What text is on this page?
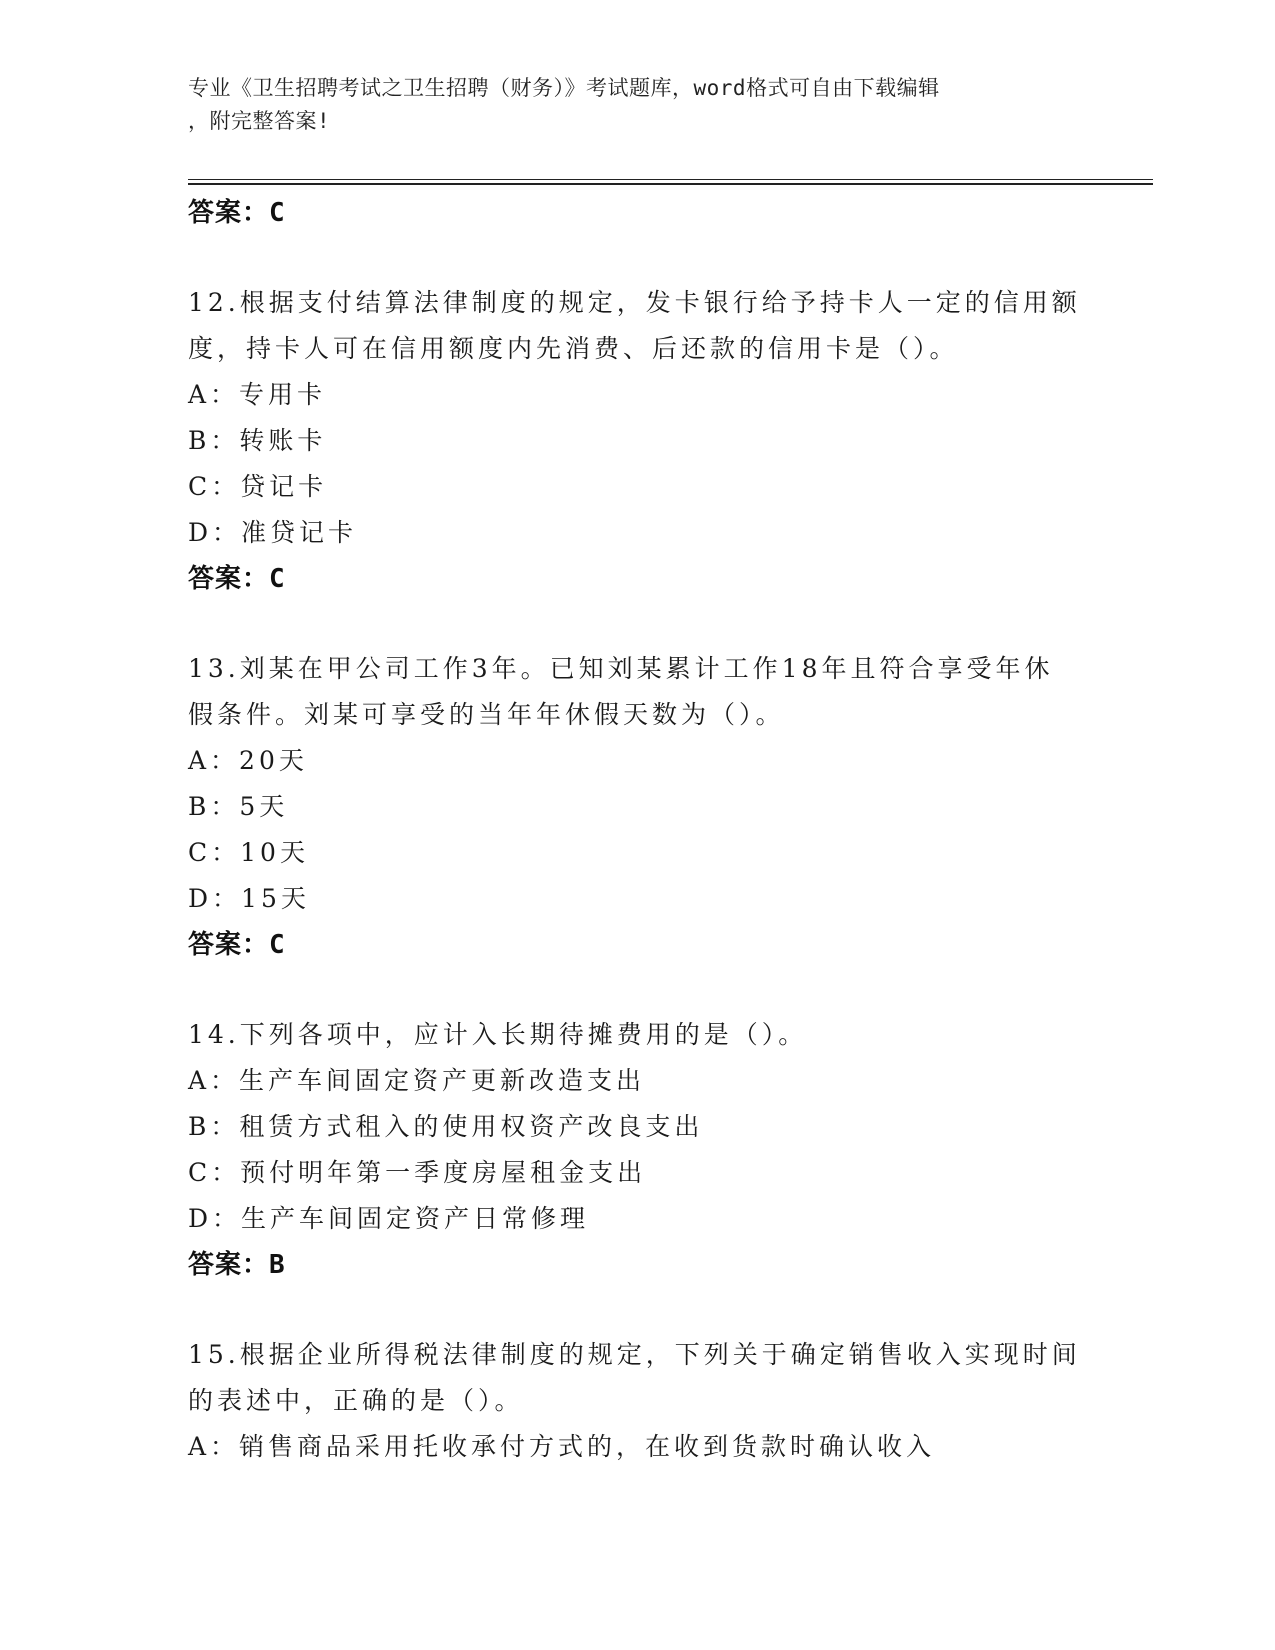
专业《卫生招聘考试之卫生招聘（财务）》考试题库，word格式可自由下载编辑
，附完整答案!
答案：C
12.根据支付结算法律制度的规定，发卡银行给予持卡人一定的信用额
度，持卡人可在信用额度内先消费、后还款的信用卡是（）。
A：专用卡
B：转账卡
C：贷记卡
D：准贷记卡
答案：C
13.刘某在甲公司工作3年。已知刘某累计工作18年且符合享受年休
假条件。刘某可享受的当年年休假天数为（）。
A：20天
B：5天
C：10天
D：15天
答案：C
14.下列各项中，应计入长期待摊费用的是（）。
A：生产车间固定资产更新改造支出
B：租赁方式租入的使用权资产改良支出
C：预付明年第一季度房屋租金支出
D：生产车间固定资产日常修理
答案：B
15.根据企业所得税法律制度的规定，下列关于确定销售收入实现时间
的表述中，正确的是（）。
A：销售商品采用托收承付方式的，在收到货款时确认收入
